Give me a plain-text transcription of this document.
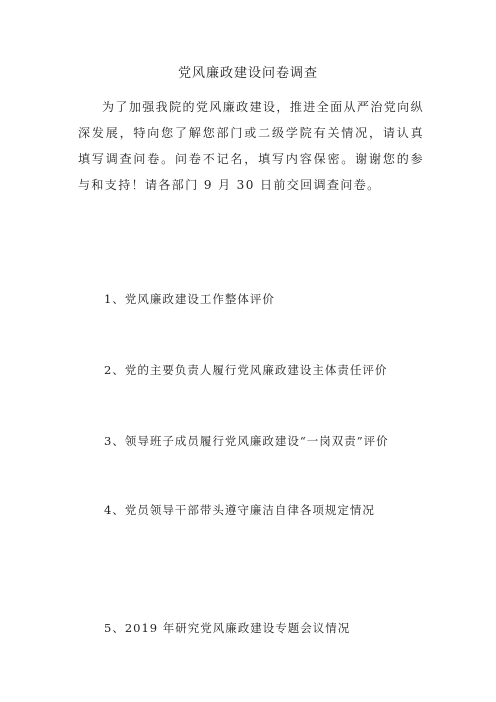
党风廉政建设问卷调查

为了加强我院的党风廉政建设，推进全面从严治党向纵深发展，特向您了解您部门或二级学院有关情况，请认真填写调查问卷。问卷不记名，填写内容保密。谢谢您的参与和支持！请各部门 9 月 30 日前交回调查问卷。

1、党风廉政建设工作整体评价

2、党的主要负责人履行党风廉政建设主体责任评价

3、领导班子成员履行党风廉政建设“一岗双责”评价

4、党员领导干部带头遵守廉洁自律各项规定情况

5、2019 年研究党风廉政建设专题会议情况
